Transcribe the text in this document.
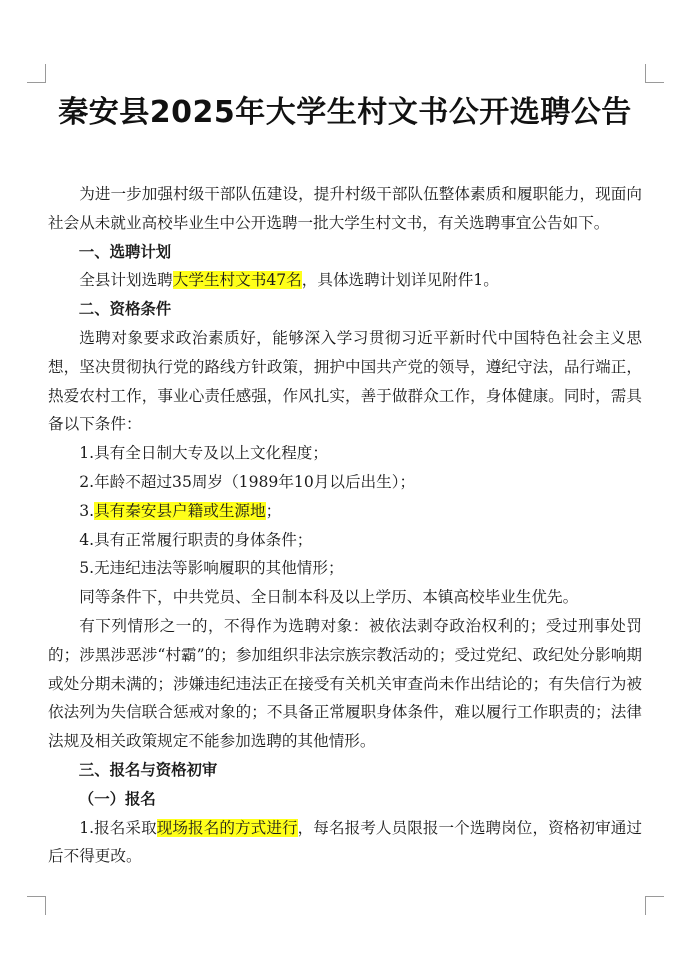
秦安县2025年大学生村文书公开选聘公告

为进一步加强村级干部队伍建设，提升村级干部队伍整体素质和履职能力，现面向社会从未就业高校毕业生中公开选聘一批大学生村文书，有关选聘事宜公告如下。

一、选聘计划

全县计划选聘大学生村文书47名，具体选聘计划详见附件1。

二、资格条件

选聘对象要求政治素质好，能够深入学习贯彻习近平新时代中国特色社会主义思想，坚决贯彻执行党的路线方针政策，拥护中国共产党的领导，遵纪守法，品行端正，热爱农村工作，事业心责任感强，作风扎实，善于做群众工作，身体健康。同时，需具备以下条件：

1.具有全日制大专及以上文化程度；

2.年龄不超过35周岁（1989年10月以后出生）；

3.具有秦安县户籍或生源地；

4.具有正常履行职责的身体条件；

5.无违纪违法等影响履职的其他情形；

同等条件下，中共党员、全日制本科及以上学历、本镇高校毕业生优先。

有下列情形之一的，不得作为选聘对象：被依法剥夺政治权利的；受过刑事处罚的；涉黑涉恶涉“村霸”的；参加组织非法宗族宗教活动的；受过党纪、政纪处分影响期或处分期未满的；涉嫌违纪违法正在接受有关机关审查尚未作出结论的；有失信行为被依法列为失信联合惩戒对象的；不具备正常履职身体条件，难以履行工作职责的；法律法规及相关政策规定不能参加选聘的其他情形。

三、报名与资格初审

（一）报名

1.报名采取现场报名的方式进行，每名报考人员限报一个选聘岗位，资格初审通过后不得更改。
